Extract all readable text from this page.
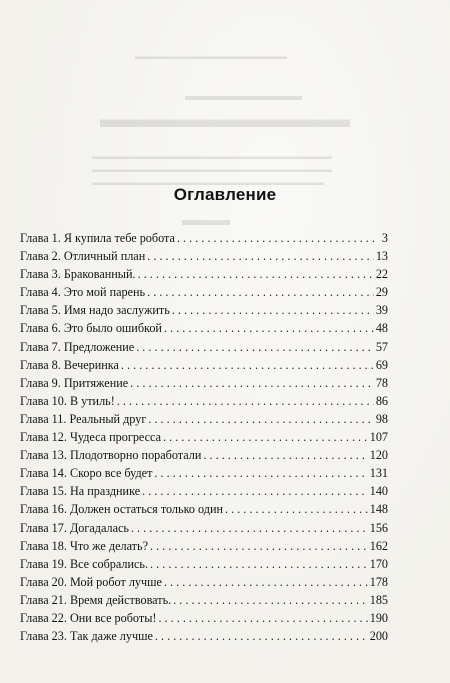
▬▬▬▬▬▬▬▬▬▬▬▬▬▬▬▬▬▬▬
▬▬▬▬▬▬▬▬▬
▬▬▬▬▬▬▬▬▬▬
▬▬▬▬▬▬▬▬▬▬▬▬▬▬▬▬▬▬▬▬▬▬▬▬▬▬▬▬▬▬
▬▬▬▬▬▬▬▬▬▬▬▬▬▬▬▬▬▬▬▬▬▬▬▬▬▬▬▬▬▬
▬▬▬▬▬▬▬▬▬▬▬▬▬▬▬▬▬▬▬▬▬▬▬▬▬▬▬▬▬
▬▬▬
Оглавление
Глава 1. Я купила тебе робота . . .	3
Глава 2. Отличный план . . .	13
Глава 3. Бракованный. . . .	22
Глава 4. Это мой парень . . .	29
Глава 5. Имя надо заслужить . . .	39
Глава 6. Это было ошибкой . . .	48
Глава 7. Предложение . . .	57
Глава 8. Вечеринка . . .	69
Глава 9. Притяжение . . .	78
Глава 10. В утиль! . . .	86
Глава 11. Реальный друг . . .	98
Глава 12. Чудеса прогресса . . .	107
Глава 13. Плодотворно поработали . . .	120
Глава 14. Скоро все будет . . .	131
Глава 15. На празднике . . .	140
Глава 16. Должен остаться только один . . .	148
Глава 17. Догадалась . . .	156
Глава 18. Что же делать? . . .	162
Глава 19. Все собрались. . . .	170
Глава 20. Мой робот лучше . . .	178
Глава 21. Время действовать. . . .	185
Глава 22. Они все роботы! . . .	190
Глава 23. Так даже лучше . . .	200
